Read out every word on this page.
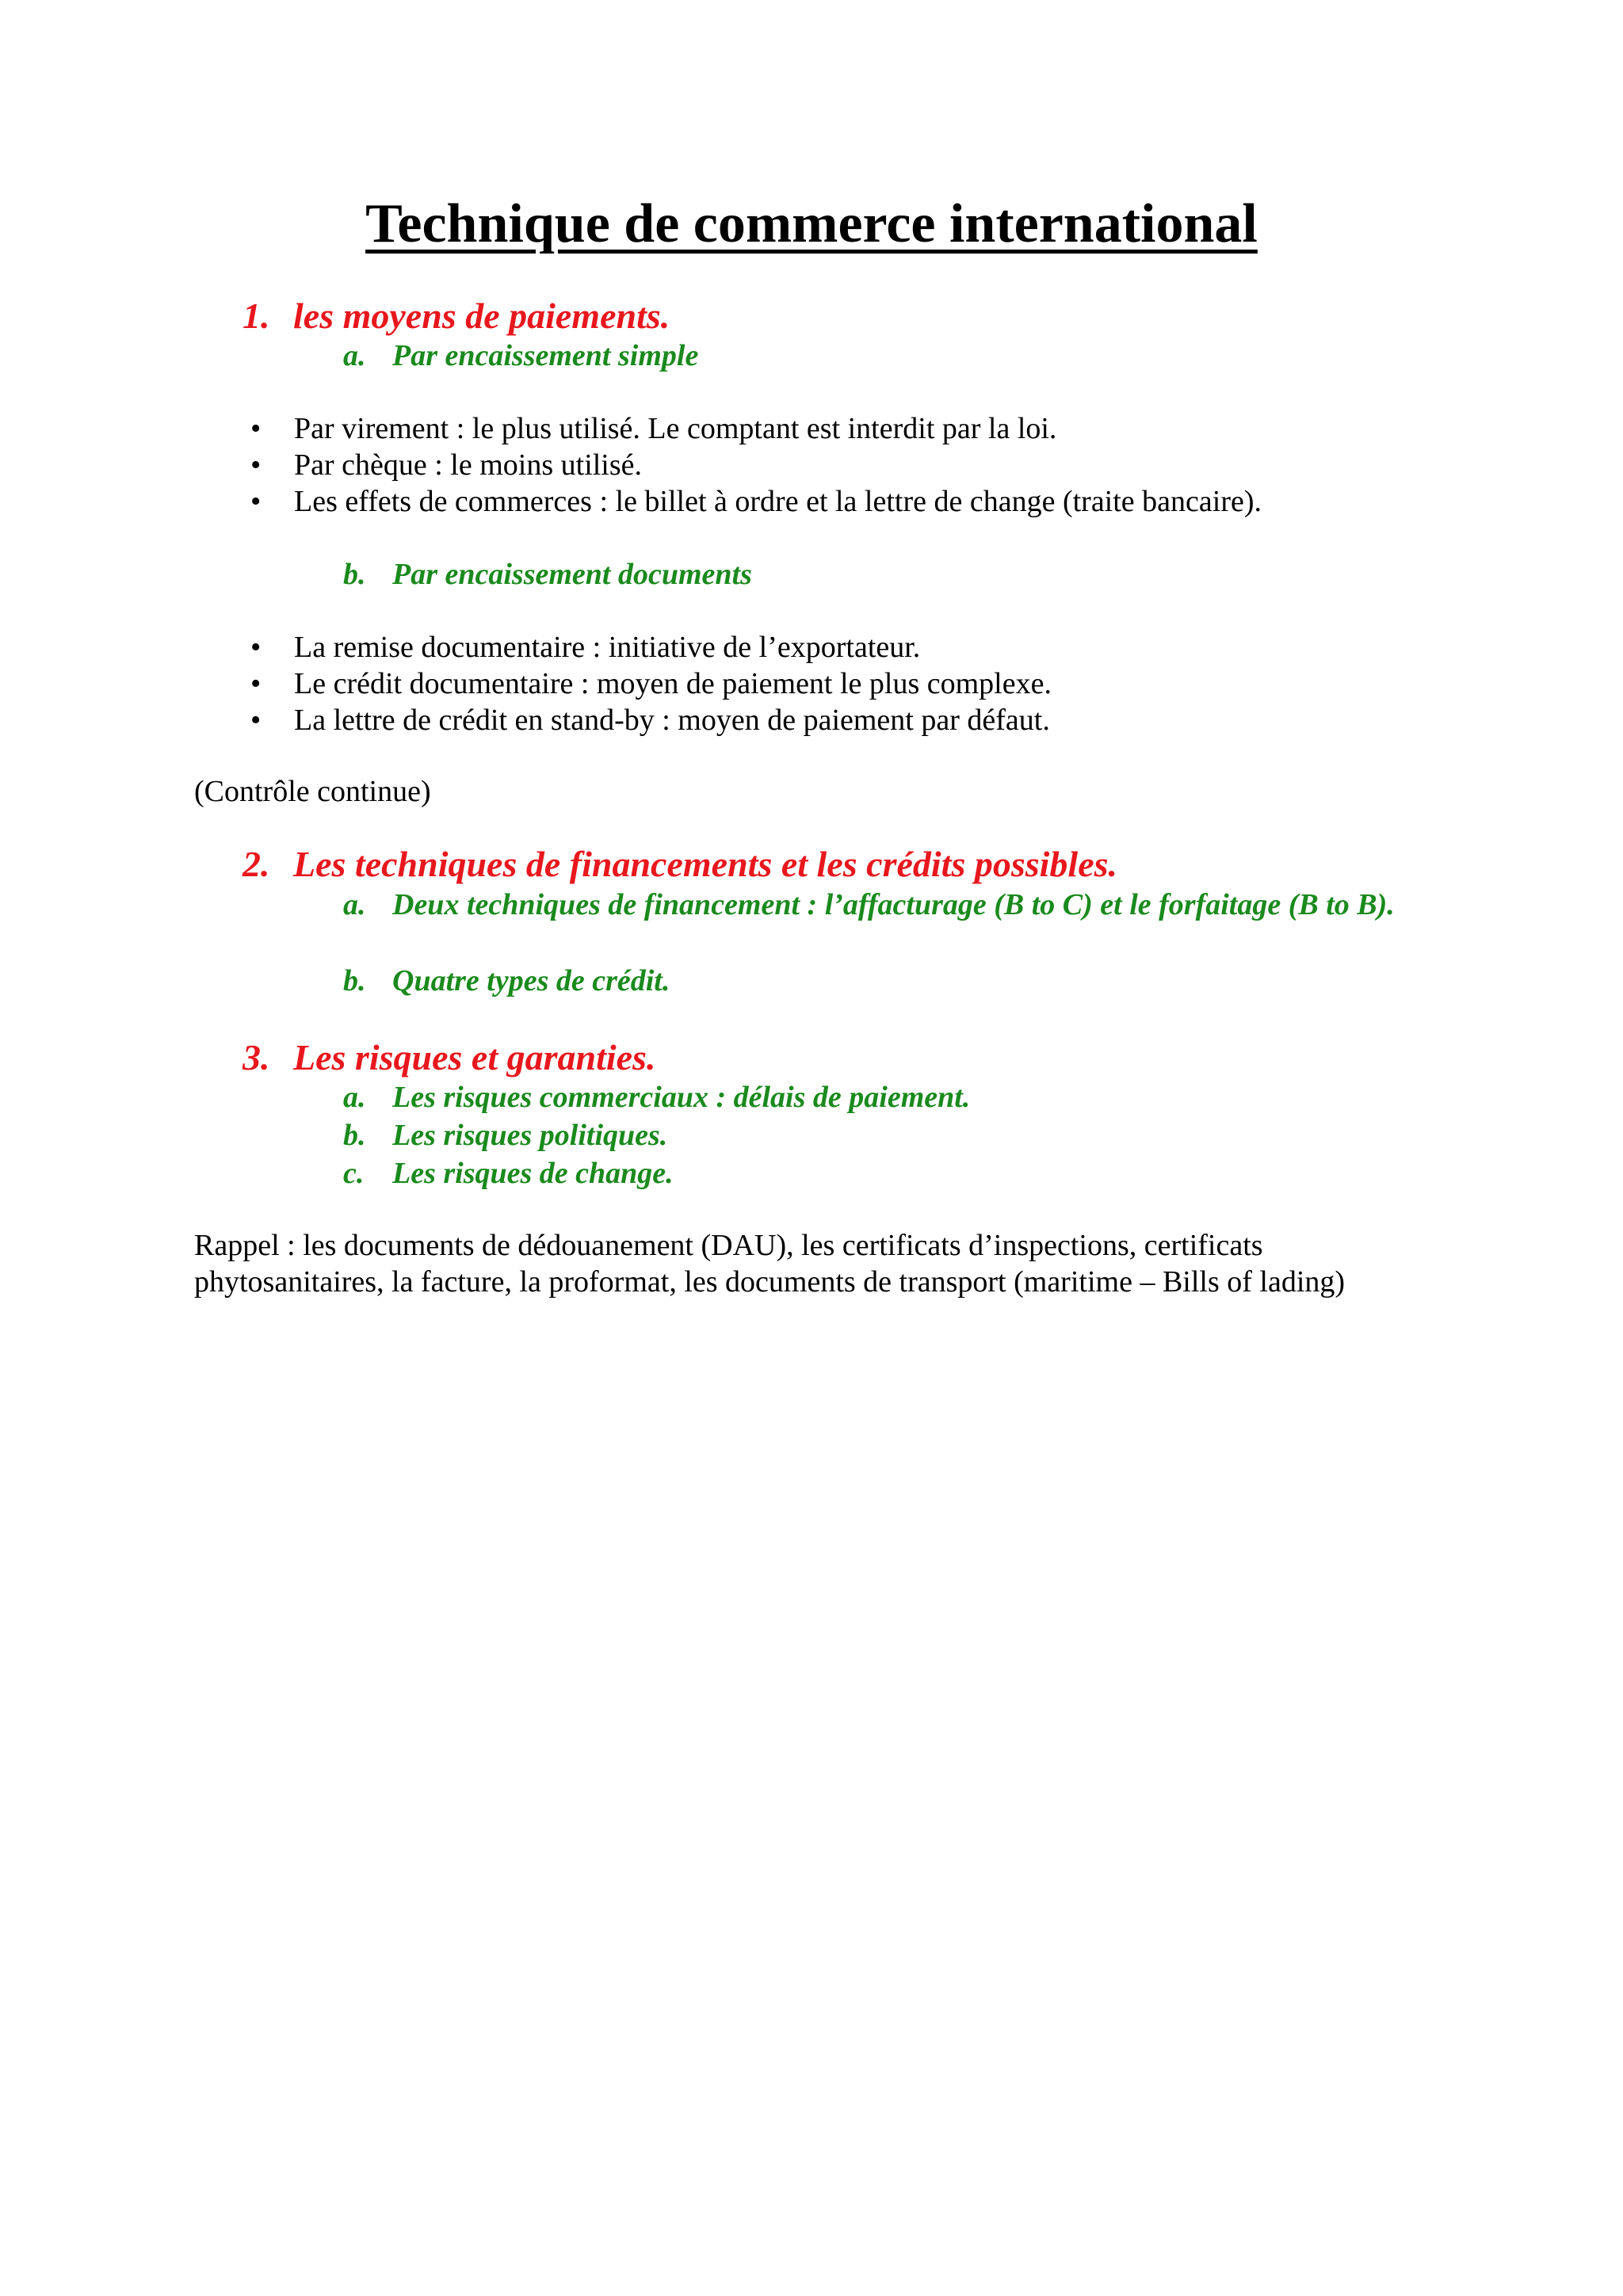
Technique de commerce international
1. les moyens de paiements.
a. Par encaissement simple
• Par virement : le plus utilisé. Le comptant est interdit par la loi.
• Par chèque : le moins utilisé.
• Les effets de commerces : le billet à ordre et la lettre de change (traite bancaire).
b. Par encaissement documents
• La remise documentaire : initiative de l’exportateur.
• Le crédit documentaire : moyen de paiement le plus complexe.
• La lettre de crédit en stand-by : moyen de paiement par défaut.
(Contrôle continue)
2. Les techniques de financements et les crédits possibles.
a. Deux techniques de financement : l’affacturage (B to C) et le forfaitage (B to B).
b. Quatre types de crédit.
3. Les risques et garanties.
a. Les risques commerciaux : délais de paiement.
b. Les risques politiques.
c. Les risques de change.
Rappel : les documents de dédouanement (DAU), les certificats d’inspections, certificats
phytosanitaires, la facture, la proformat, les documents de transport (maritime – Bills of lading)
